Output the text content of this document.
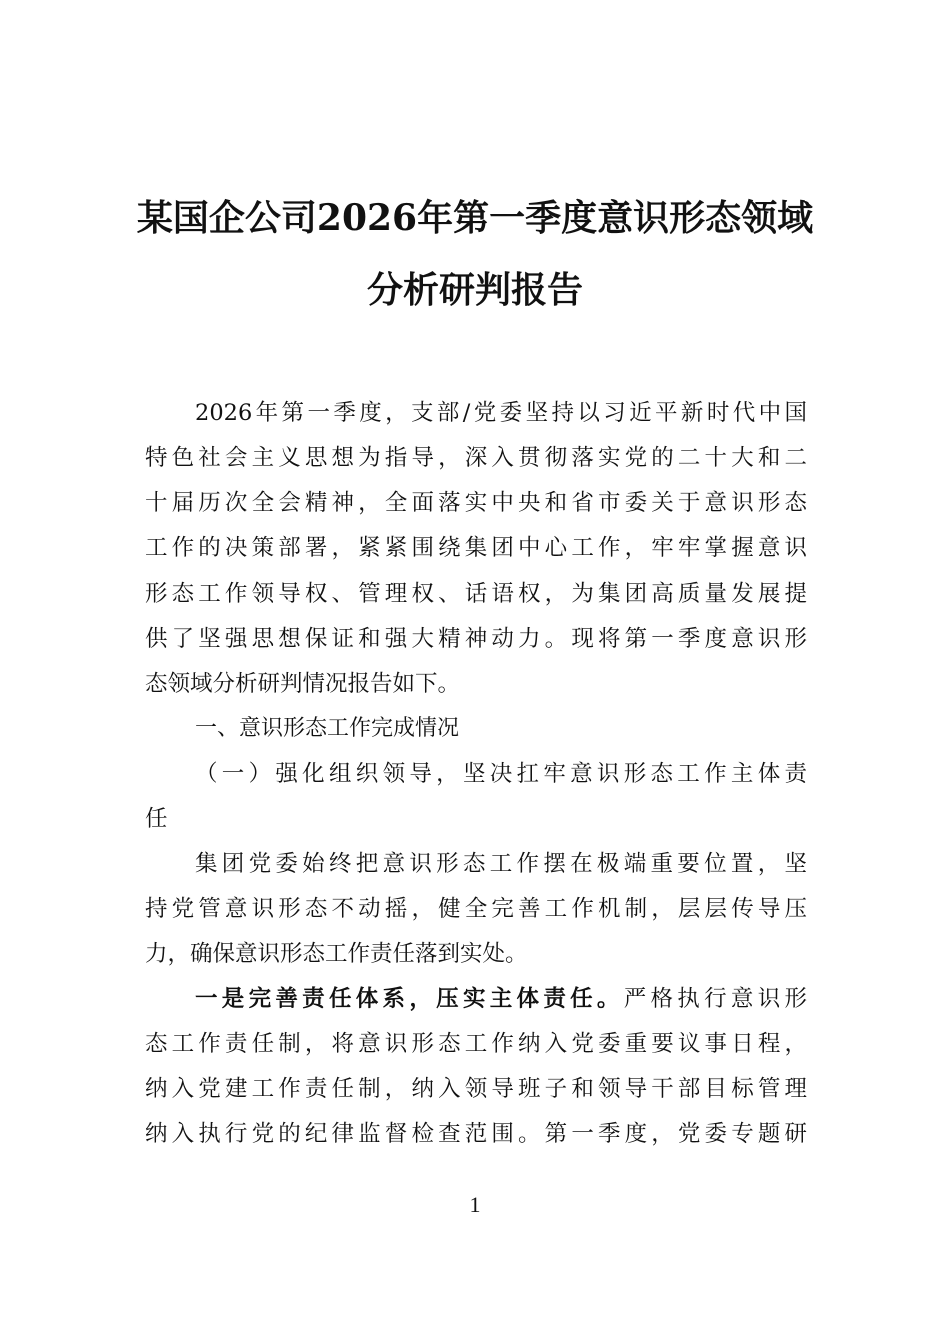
某国企公司2026年第一季度意识形态领域
分析研判报告
2026年第一季度，支部/党委坚持以习近平新时代中国
特色社会主义思想为指导，深入贯彻落实党的二十大和二
十届历次全会精神，全面落实中央和省市委关于意识形态
工作的决策部署，紧紧围绕集团中心工作，牢牢掌握意识
形态工作领导权、管理权、话语权，为集团高质量发展提
供了坚强思想保证和强大精神动力。现将第一季度意识形
态领域分析研判情况报告如下。
一、意识形态工作完成情况
（一）强化组织领导，坚决扛牢意识形态工作主体责
任
集团党委始终把意识形态工作摆在极端重要位置，坚
持党管意识形态不动摇，健全完善工作机制，层层传导压
力，确保意识形态工作责任落到实处。
一是完善责任体系，压实主体责任。严格执行意识形
态工作责任制，将意识形态工作纳入党委重要议事日程，
纳入党建工作责任制，纳入领导班子和领导干部目标管理
纳入执行党的纪律监督检查范围。第一季度，党委专题研
1
